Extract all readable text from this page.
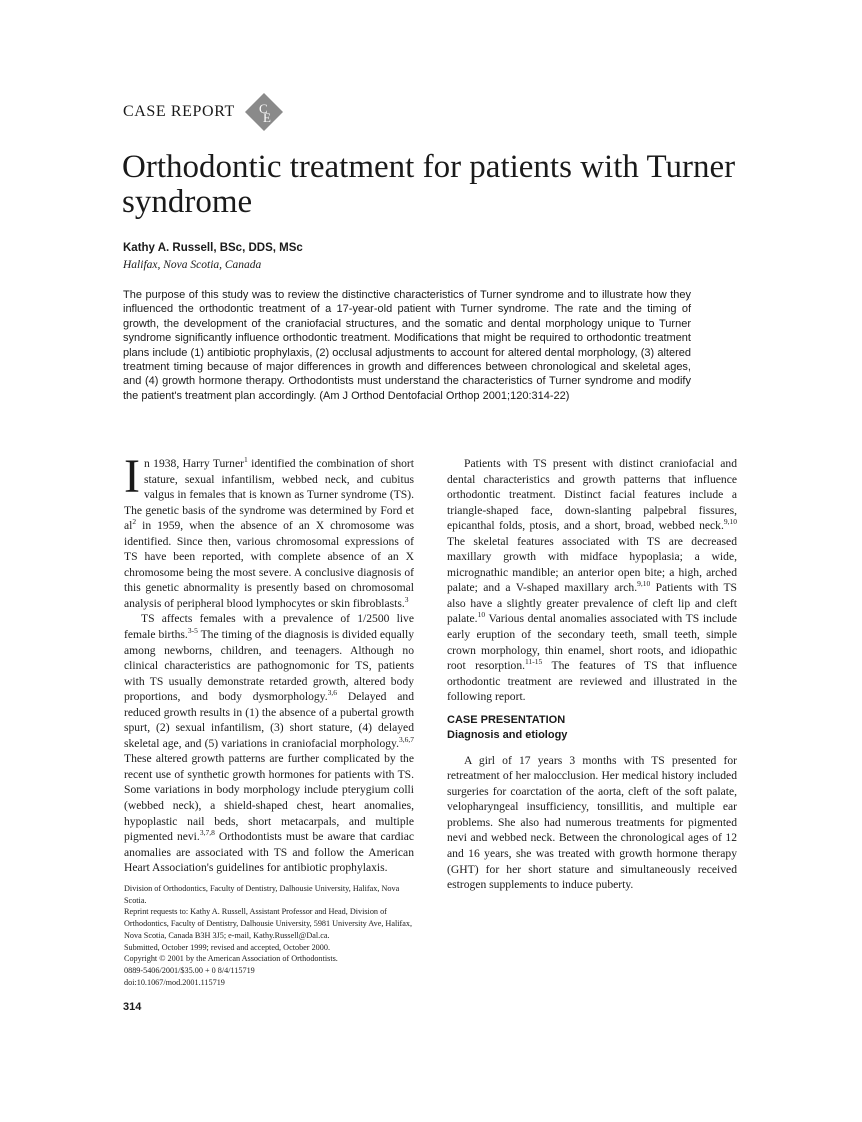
CASE REPORT C
E
Orthodontic treatment for patients with Turner syndrome
Kathy A. Russell, BSc, DDS, MSc
Halifax, Nova Scotia, Canada

The purpose of this study was to review the distinctive characteristics of Turner syndrome and to illustrate how they influenced the orthodontic treatment of a 17-year-old patient with Turner syndrome. The rate and the timing of growth, the development of the craniofacial structures, and the somatic and dental morphology unique to Turner syndrome significantly influence orthodontic treatment. Modifications that might be required to orthodontic treatment plans include (1) antibiotic prophylaxis, (2) occlusal adjustments to account for altered dental morphology, (3) altered treatment timing because of major differences in growth and differences between chronological and skeletal ages, and (4) growth hormone therapy. Orthodontists must understand the characteristics of Turner syndrome and modify the patient's treatment plan accordingly. (Am J Orthod Dentofacial Orthop 2001;120:314-22)

In 1938, Harry Turner$^1$ identified the combination of short stature, sexual infantilism, webbed neck, and cubitus valgus in females that is known as Turner syndrome (TS). The genetic basis of the syndrome was determined by Ford et al$^2$ in 1959, when the absence of an X chromosome was identified. Since then, various chromosomal expressions of TS have been reported, with complete absence of an X chromosome being the most severe. A conclusive diagnosis of this genetic abnormality is presently based on chromosomal analysis of peripheral blood lymphocytes or skin fibroblasts.$^3$

TS affects females with a prevalence of 1/2500 live female births.$^{3-5}$ The timing of the diagnosis is divided equally among newborns, children, and teenagers. Although no clinical characteristics are pathognomonic for TS, patients with TS usually demonstrate retarded growth, altered body proportions, and body dysmorphology.$^{3,6}$ Delayed and reduced growth results in (1) the absence of a pubertal growth spurt, (2) sexual infantilism, (3) short stature, (4) delayed skeletal age, and (5) variations in craniofacial morphology.$^{3,6,7}$ These altered growth patterns are further complicated by the recent use of synthetic growth hormones for patients with TS. Some variations in body morphology include pterygium colli (webbed neck), a shield-shaped chest, heart anomalies, hypoplastic nail beds, short metacarpals, and multiple pigmented nevi.$^{3,7,8}$ Orthodontists must be aware that cardiac anomalies are associated with TS and follow the American Heart Association's guidelines for antibiotic prophylaxis.

Patients with TS present with distinct craniofacial and dental characteristics and growth patterns that influence orthodontic treatment. Distinct facial features include a triangle-shaped face, down-slanting palpebral fissures, epicanthal folds, ptosis, and a short, broad, webbed neck.$^{9,10}$ The skeletal features associated with TS are decreased maxillary growth with midface hypoplasia; a wide, micrognathic mandible; an anterior open bite; a high, arched palate; and a V-shaped maxillary arch.$^{9,10}$ Patients with TS also have a slightly greater prevalence of cleft lip and cleft palate.$^{10}$ Various dental anomalies associated with TS include early eruption of the secondary teeth, small teeth, simple crown morphology, thin enamel, short roots, and idiopathic root resorption.$^{11-15}$ The features of TS that influence orthodontic treatment are reviewed and illustrated in the following report.

CASE PRESENTATION
Diagnosis and etiology

A girl of 17 years 3 months with TS presented for retreatment of her malocclusion. Her medical history included surgeries for coarctation of the aorta, cleft of the soft palate, velopharyngeal insufficiency, tonsillitis, and multiple ear problems. She also had numerous treatments for pigmented nevi and webbed neck. Between the chronological ages of 12 and 16 years, she was treated with growth hormone therapy (GHT) for her short stature and simultaneously received estrogen supplements to induce puberty.

Division of Orthodontics, Faculty of Dentistry, Dalhousie University, Halifax, Nova Scotia.

Reprint requests to: Kathy A. Russell, Assistant Professor and Head, Division of Orthodontics, Faculty of Dentistry, Dalhousie University, 5981 University Ave, Halifax, Nova Scotia, Canada B3H 3J5; e-mail, Kathy.Russell@Dal.ca.

Submitted, October 1999; revised and accepted, October 2000.

Copyright © 2001 by the American Association of Orthodontists.

0889-5406/2001/$35.00 + 0 8/4/115719

doi:10.1067/mod.2001.115719

314
